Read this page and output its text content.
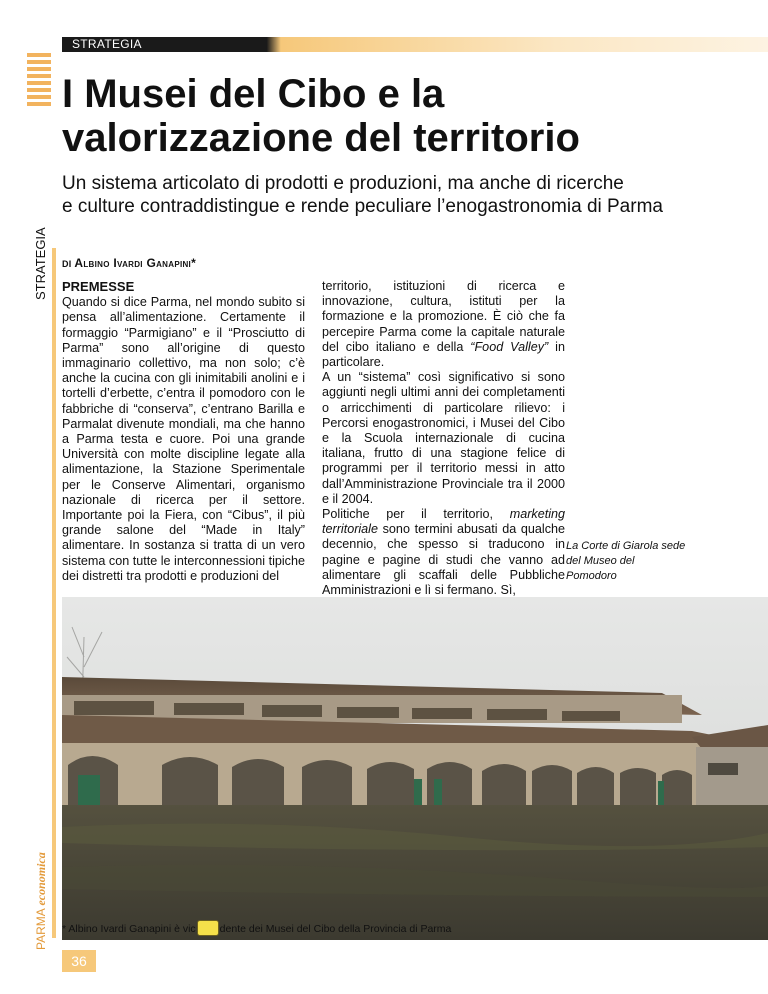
STRATEGIA
STRATEGIA
PARMA economica
I Musei del Cibo e la
valorizzazione del territorio
Un sistema articolato di prodotti e produzioni, ma anche di ricerche
e culture contraddistingue e rende peculiare l’enogastronomia di Parma
DI Albino Ivardi Ganapini*
PREMESSE

Quando si dice Parma, nel mondo subito si pensa all’alimentazione. Certamente il formaggio “Parmigiano” e il “Prosciutto di Parma” sono all’origine di questo immaginario collettivo, ma non solo; c’è anche la cucina con gli inimitabili anolini e i tortelli d’erbette, c’entra il pomodoro con le fabbriche di “conserva”, c’entrano Barilla e Parmalat divenute mondiali, ma che hanno a Parma testa e cuore. Poi una grande Università con molte discipline legate alla alimentazione, la Stazione Sperimentale per le Conserve Alimentari, organismo nazionale di ricerca per il settore. Importante poi la Fiera, con “Cibus”, il più grande salone del “Made in Italy” alimentare. In sostanza si tratta di un vero sistema con tutte le interconnessioni tipiche dei distretti tra prodotti e produzioni del

territorio, istituzioni di ricerca e innovazione, cultura, istituti per la formazione e la promozione. È ciò che fa percepire Parma come la capitale naturale del cibo italiano e della “Food Valley” in particolare.

A un “sistema” così significativo si sono aggiunti negli ultimi anni dei completamenti o arricchimenti di particolare rilievo: i Percorsi enogastronomici, i Musei del Cibo e la Scuola internazionale di cucina italiana, frutto di una stagione felice di programmi per il territorio messi in atto dall’Amministrazione Provinciale tra il 2000 e il 2004.

Politiche per il territorio, marketing territoriale sono termini abusati da qualche decennio, che spesso si traducono in pagine e pagine di studi che vanno ad alimentare gli scaffali delle Pubbliche Amministrazioni e lì si fermano. Sì,

La Corte di Giarola sede del Museo del Pomodoro
* Albino Ivardi Ganapini è vic dente dei Musei del Cibo della Provincia di Parma
36
